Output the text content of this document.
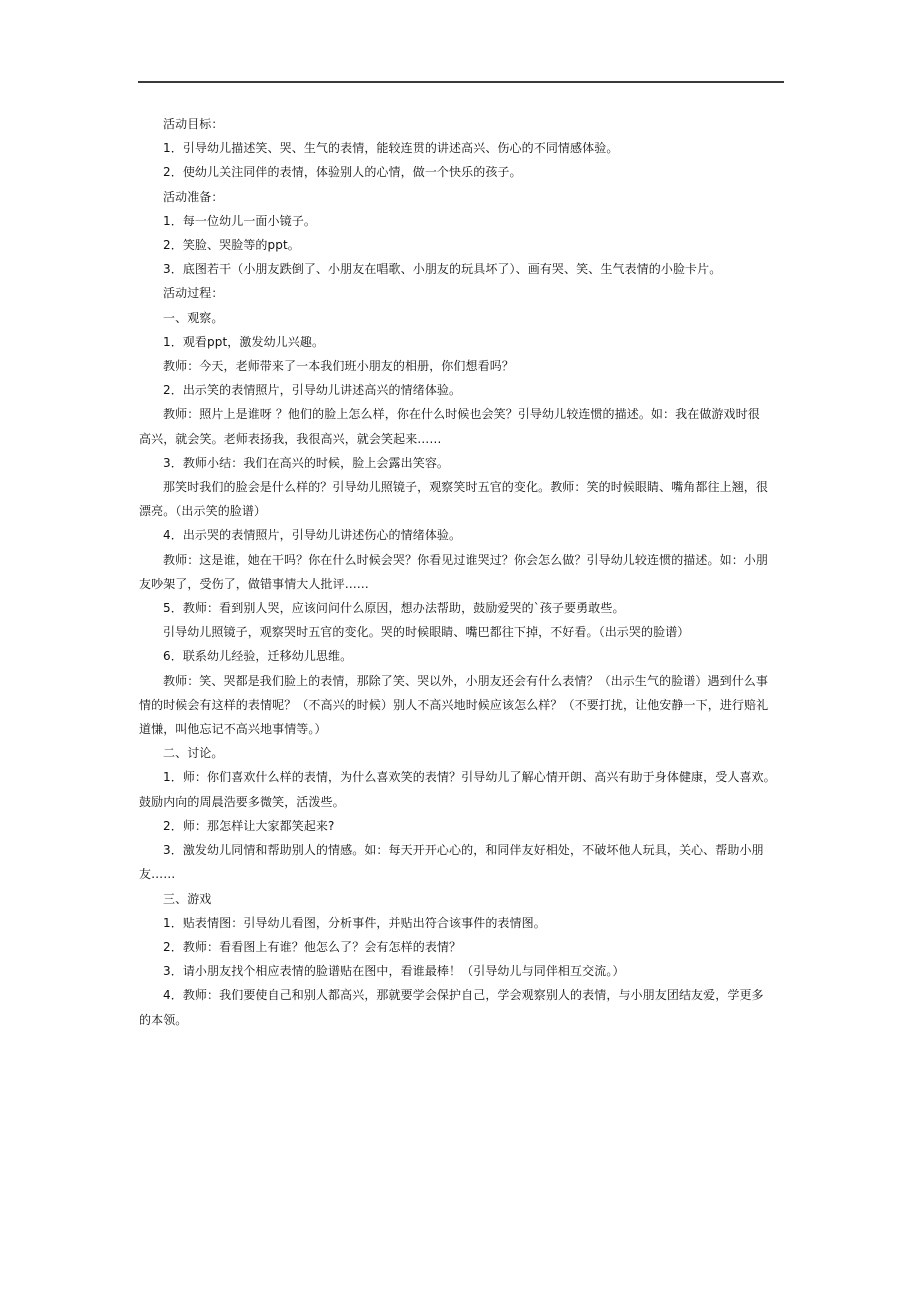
活动目标：
1．引导幼儿描述笑、哭、生气的表情，能较连贯的讲述高兴、伤心的不同情感体验。
2．使幼儿关注同伴的表情，体验别人的心情，做一个快乐的孩子。
活动准备：
1．每一位幼儿一面小镜子。
2．笑脸、哭脸等的ppt。
3．底图若干（小朋友跌倒了、小朋友在唱歌、小朋友的玩具坏了）、画有哭、笑、生气表情的小脸卡片。
活动过程：
一、观察。
1．观看ppt，激发幼儿兴趣。
教师：今天，老师带来了一本我们班小朋友的相册，你们想看吗？
2．出示笑的表情照片，引导幼儿讲述高兴的情绪体验。
教师：照片上是谁呀 ？他们的脸上怎么样，你在什么时候也会笑？引导幼儿较连惯的描述。如：我在做游戏时很
高兴，就会笑。老师表扬我，我很高兴，就会笑起来……
3．教师小结：我们在高兴的时候，脸上会露出笑容。
那笑时我们的脸会是什么样的？引导幼儿照镜子，观察笑时五官的变化。教师：笑的时候眼睛、嘴角都往上翘，很
漂亮。（出示笑的脸谱）
4．出示哭的表情照片，引导幼儿讲述伤心的情绪体验。
教师：这是谁，她在干吗？你在什么时候会哭？你看见过谁哭过？你会怎么做？引导幼儿较连惯的描述。如：小朋
友吵架了，受伤了，做错事情大人批评……
5．教师：看到别人哭，应该问问什么原因，想办法帮助，鼓励爱哭的`孩子要勇敢些。
引导幼儿照镜子，观察哭时五官的变化。哭的时候眼睛、嘴巴都往下掉，不好看。（出示哭的脸谱）
6．联系幼儿经验，迁移幼儿思维。
教师：笑、哭都是我们脸上的表情，那除了笑、哭以外，小朋友还会有什么表情？（出示生气的脸谱）遇到什么事
情的时候会有这样的表情呢？（不高兴的时候）别人不高兴地时候应该怎么样？（不要打扰，让他安静一下，进行赔礼
道慊，叫他忘记不高兴地事情等。）
二、讨论。
1．师：你们喜欢什么样的表情，为什么喜欢笑的表情？引导幼儿了解心情开朗、高兴有助于身体健康，受人喜欢。
鼓励内向的周晨浩要多微笑，活泼些。
2．师：那怎样让大家都笑起来?
3．激发幼儿同情和帮助别人的情感。如：每天开开心心的，和同伴友好相处，不破坏他人玩具，关心、帮助小朋
友……
三、游戏
1．贴表情图：引导幼儿看图，分析事件，并贴出符合该事件的表情图。
2．教师：看看图上有谁？他怎么了？会有怎样的表情？
3．请小朋友找个相应表情的脸谱贴在图中，看谁最棒！（引导幼儿与同伴相互交流。）
4．教师：我们要使自己和别人都高兴，那就要学会保护自己，学会观察别人的表情，与小朋友团结友爱，学更多
的本领。
